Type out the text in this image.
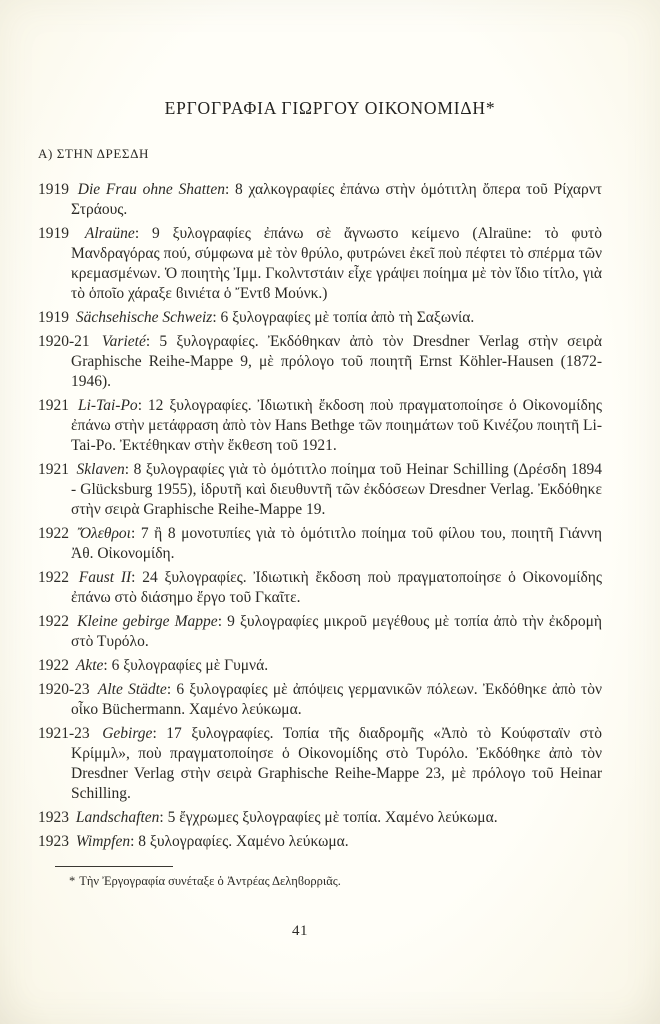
ΕΡΓΟΓΡΑΦΙΑ ΓΙΩΡΓΟΥ ΟΙΚΟΝΟΜΙΔΗ*
Α) ΣΤΗΝ ΔΡΕΣΔΗ

1919 Die Frau ohne Shatten: 8 χαλκογραφίες ἐπάνω στὴν ὁμότιτλη ὄπερα τοῦ Ρίχαρντ Στράους.

1919 Alraüne: 9 ξυλογραφίες ἐπάνω σὲ ἄγνωστο κείμενο (Alraüne: τὸ φυτὸ Μανδραγόρας πού, σύμφωνα μὲ τὸν θρύλο, φυτρώνει ἐκεῖ ποὺ πέφτει τὸ σπέρμα τῶν κρεμασμένων. Ὁ ποιητὴς Ἰμμ. Γκολντστάιν εἶχε γράψει ποίημα μὲ τὸν ἴδιο τίτλο, γιὰ τὸ ὁποῖο χάραξε ϐινιέτα ὁ Ἔντϐ Μούνκ.)

1919 Sächsehische Schweiz: 6 ξυλογραφίες μὲ τοπία ἀπὸ τὴ Σαξωνία.

1920-21 Varieté: 5 ξυλογραφίες. Ἐκδόθηκαν ἀπὸ τὸν Dresdner Verlag στὴν σειρὰ Graphische Reihe-Mappe 9, μὲ πρόλογο τοῦ ποιητῆ Ernst Köhler-Hausen (1872-1946).

1921 Li-Tai-Po: 12 ξυλογραφίες. Ἰδιωτικὴ ἔκδοση ποὺ πραγματοποίησε ὁ Οἰκονομίδης ἐπάνω στὴν μετάφραση ἀπὸ τὸν Hans Bethge τῶν ποιημάτων τοῦ Κινέζου ποιητῆ Li-Tai-Po. Ἐκτέθηκαν στὴν ἔκθεση τοῦ 1921.

1921 Sklaven: 8 ξυλογραφίες γιὰ τὸ ὁμότιτλο ποίημα τοῦ Heinar Schilling (Δρέσδη 1894 - Glücksburg 1955), ἱδρυτῆ καὶ διευθυντῆ τῶν ἐκδόσεων Dresdner Verlag. Ἐκδόθηκε στὴν σειρὰ Graphische Reihe-Mappe 19.

1922 Ὄλεθροι: 7 ἢ 8 μονοτυπίες γιὰ τὸ ὁμότιτλο ποίημα τοῦ φίλου του, ποιητῆ Γιάννη Ἀθ. Οἰκονομίδη.

1922 Faust II: 24 ξυλογραφίες. Ἰδιωτικὴ ἔκδοση ποὺ πραγματοποίησε ὁ Οἰκονομίδης ἐπάνω στὸ διάσημο ἔργο τοῦ Γκαῖτε.

1922 Kleine gebirge Mappe: 9 ξυλογραφίες μικροῦ μεγέθους μὲ τοπία ἀπὸ τὴν ἐκδρομὴ στὸ Τυρόλο.

1922 Akte: 6 ξυλογραφίες μὲ Γυμνά.

1920-23 Alte Städte: 6 ξυλογραφίες μὲ ἀπόψεις γερμανικῶν πόλεων. Ἐκδόθηκε ἀπὸ τὸν οἶκο Büchermann. Χαμένο λεύκωμα.

1921-23 Gebirge: 17 ξυλογραφίες. Τοπία τῆς διαδρομῆς «Ἀπὸ τὸ Κούφσταϊν στὸ Κρίμμλ», ποὺ πραγματοποίησε ὁ Οἰκονομίδης στὸ Τυρόλο. Ἐκδόθηκε ἀπὸ τὸν Dresdner Verlag στὴν σειρὰ Graphische Reihe-Mappe 23, μὲ πρόλογο τοῦ Heinar Schilling.

1923 Landschaften: 5 ἔγχρωμες ξυλογραφίες μὲ τοπία. Χαμένο λεύκωμα.

1923 Wimpfen: 8 ξυλογραφίες. Χαμένο λεύκωμα.

* Τὴν Ἐργογραφία συνέταξε ὁ Ἀντρέας Δεληϐορριᾶς.
41
